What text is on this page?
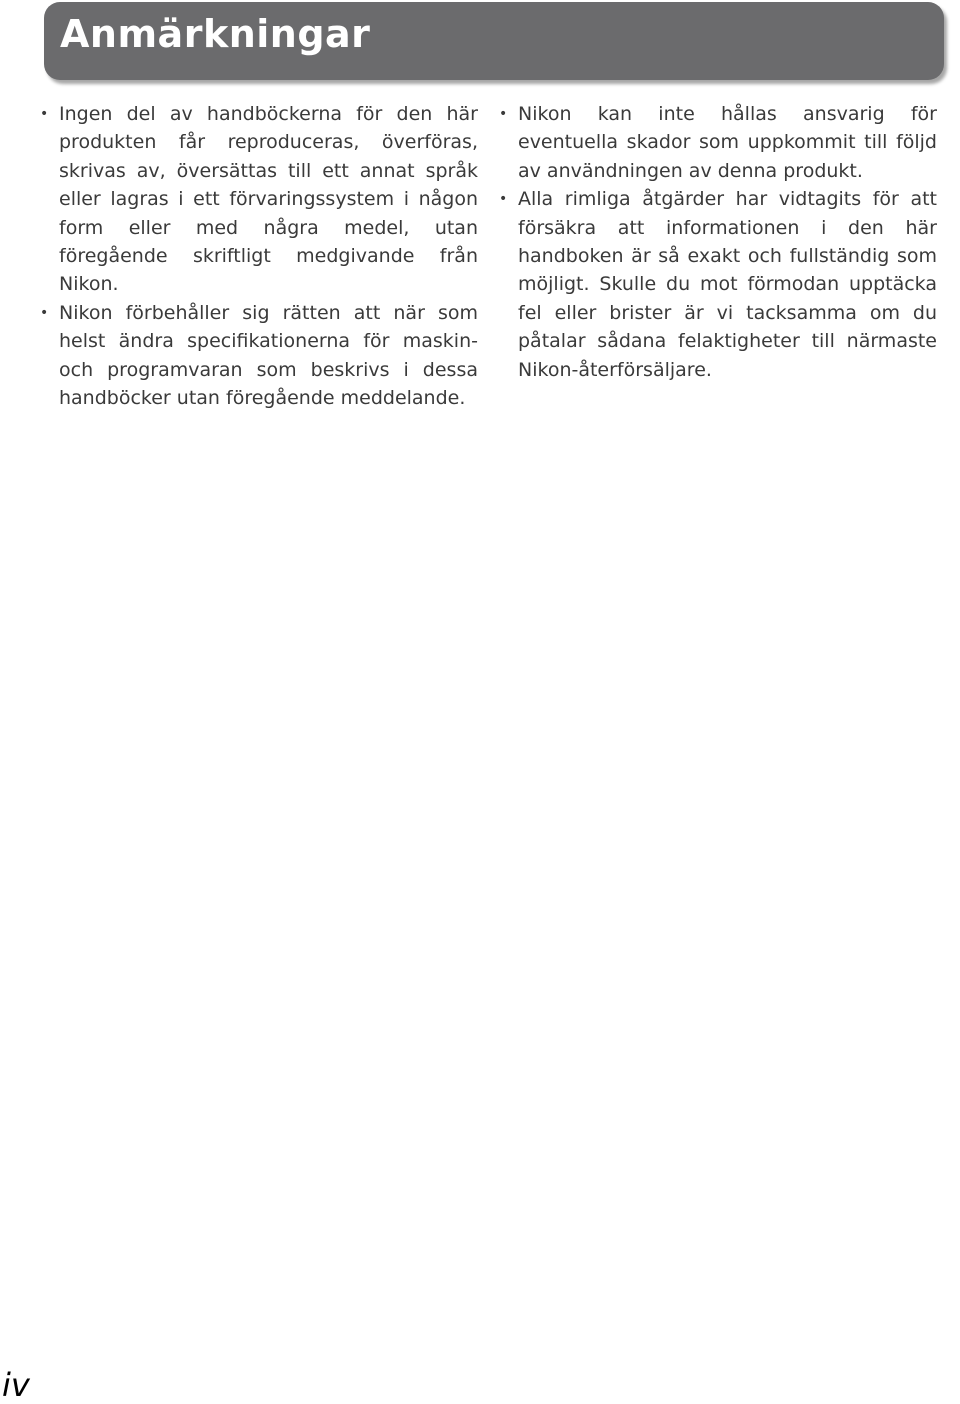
Anmärkningar
• Ingen del av handböckerna för den här produkten får reproduceras, överföras, skrivas av, översättas till ett annat språk eller lagras i ett förvaringssystem i någon form eller med några medel, utan föregående skriftligt medgivande från Nikon.
• Nikon förbehåller sig rätten att när som helst ändra speciﬁkationerna för maskin- och programvaran som beskrivs i dessa handböcker utan föregående meddelande.
• Nikon kan inte hållas ansvarig för eventuella skador som uppkommit till följd av användningen av denna produkt.
• Alla rimliga åtgärder har vidtagits för att försäkra att informationen i den här handboken är så exakt och fullständig som möjligt. Skulle du mot förmodan upptäcka fel eller brister är vi tacksamma om du påtalar sådana felaktigheter till närmaste Nikon-återförsäljare.
iv
